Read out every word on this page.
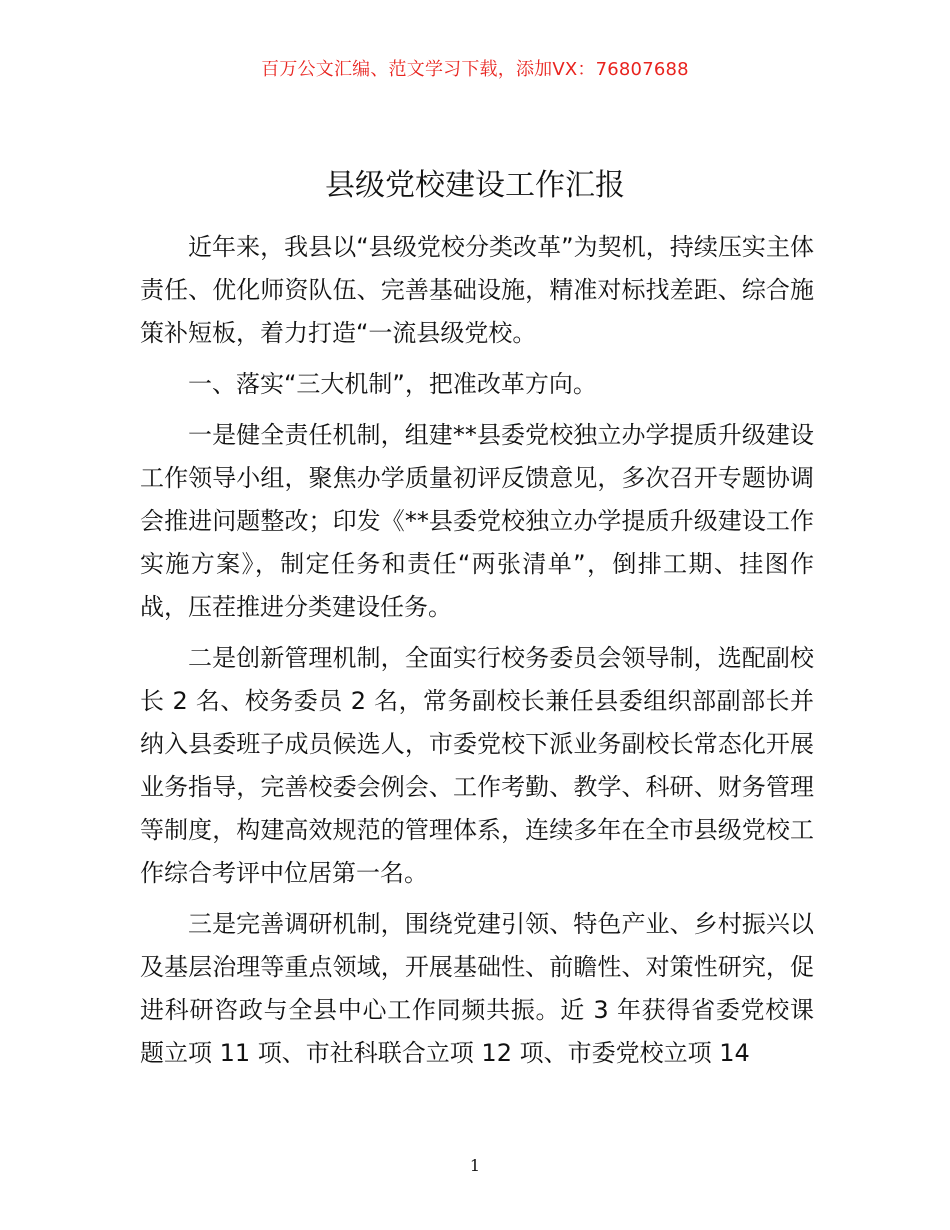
百万公文汇编、范文学习下载，添加VX：76807688
县级党校建设工作汇报

近年来，我县以“县级党校分类改革”为契机，持续压实主体责任、优化师资队伍、完善基础设施，精准对标找差距、综合施策补短板，着力打造“一流县级党校。

一、落实“三大机制”，把准改革方向。

一是健全责任机制，组建**县委党校独立办学提质升级建设工作领导小组，聚焦办学质量初评反馈意见，多次召开专题协调会推进问题整改；印发《**县委党校独立办学提质升级建设工作实施方案》，制定任务和责任“两张清单”，倒排工期、挂图作战，压茬推进分类建设任务。

二是创新管理机制，全面实行校务委员会领导制，选配副校长 2 名、校务委员 2 名，常务副校长兼任县委组织部副部长并纳入县委班子成员候选人，市委党校下派业务副校长常态化开展业务指导，完善校委会例会、工作考勤、教学、科研、财务管理等制度，构建高效规范的管理体系，连续多年在全市县级党校工作综合考评中位居第一名。

三是完善调研机制，围绕党建引领、特色产业、乡村振兴以及基层治理等重点领域，开展基础性、前瞻性、对策性研究，促进科研咨政与全县中心工作同频共振。近 3 年获得省委党校课题立项 11 项、市社科联合立项 12 项、市委党校立项 14

1
